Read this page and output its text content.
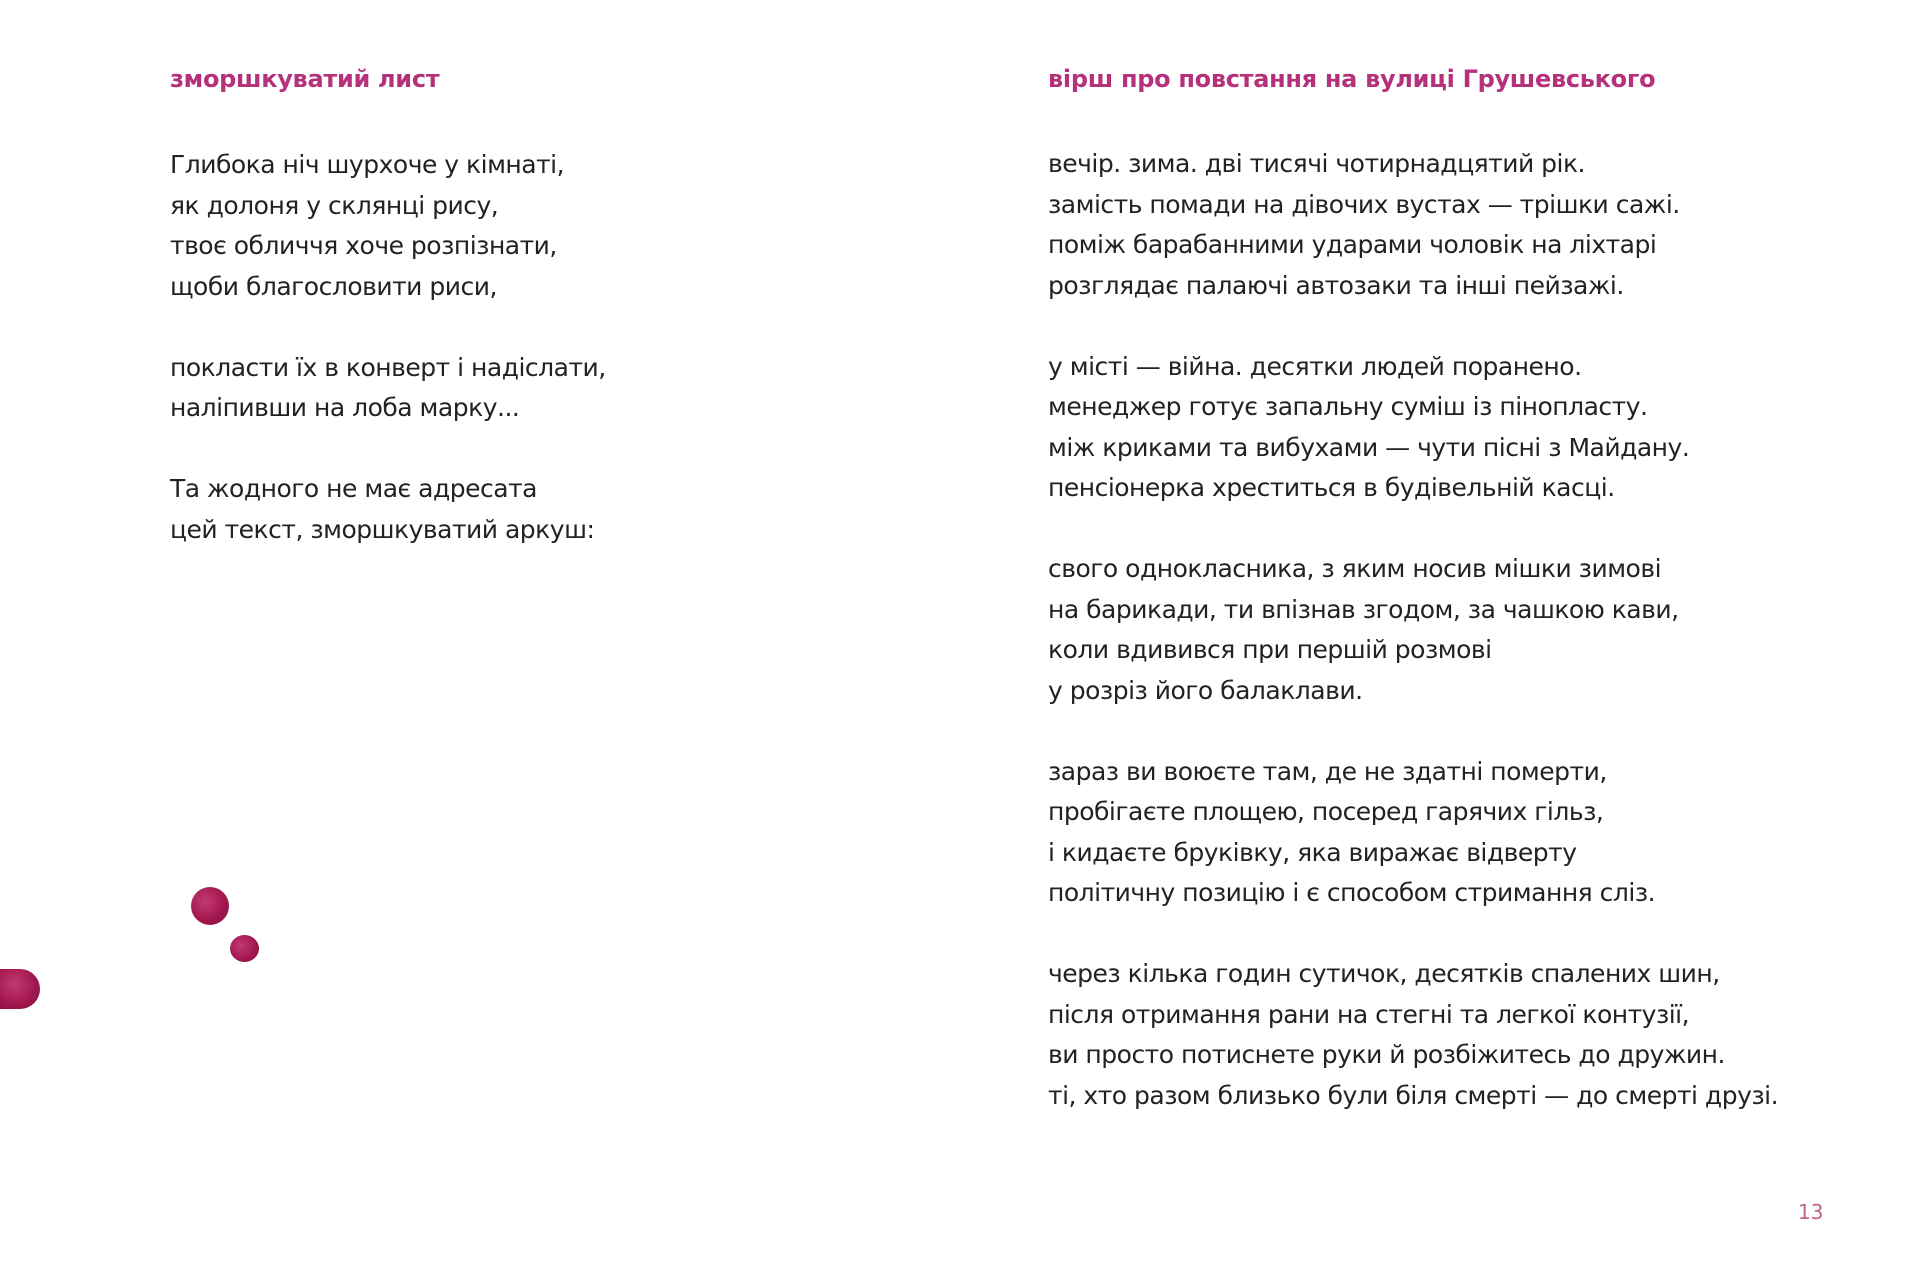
зморшкуватий лист

Глибока ніч шурхоче у кімнаті,
як долоня у склянці рису,
твоє обличчя хоче розпізнати,
щоби благословити риси,

покласти їх в конверт і надіслати,
наліпивши на лоба марку...

Та жодного не має адресата
цей текст, зморшкуватий аркуш:

вірш про повстання на вулиці Грушевського

вечір. зима. дві тисячі чотирнадцятий рік.
замість помади на дівочих вустах — трішки сажі.
поміж барабанними ударами чоловік на ліхтарі
розглядає палаючі автозаки та інші пейзажі.

у місті — війна. десятки людей поранено.
менеджер готує запальну суміш із пінопласту.
між криками та вибухами — чути пісні з Майдану.
пенсіонерка хреститься в будівельній касці.

свого однокласника, з яким носив мішки зимові
на барикади, ти впізнав згодом, за чашкою кави,
коли вдивився при першій розмові
у розріз його балаклави.

зараз ви воюєте там, де не здатні померти,
пробігаєте площею, посеред гарячих гільз,
і кидаєте бруківку, яка виражає відверту
політичну позицію і є способом стримання сліз.

через кілька годин сутичок, десятків спалених шин,
після отримання рани на стегні та легкої контузії,
ви просто потиснете руки й розбіжитесь до дружин.
ті, хто разом близько були біля смерті — до смерті друзі.

13
